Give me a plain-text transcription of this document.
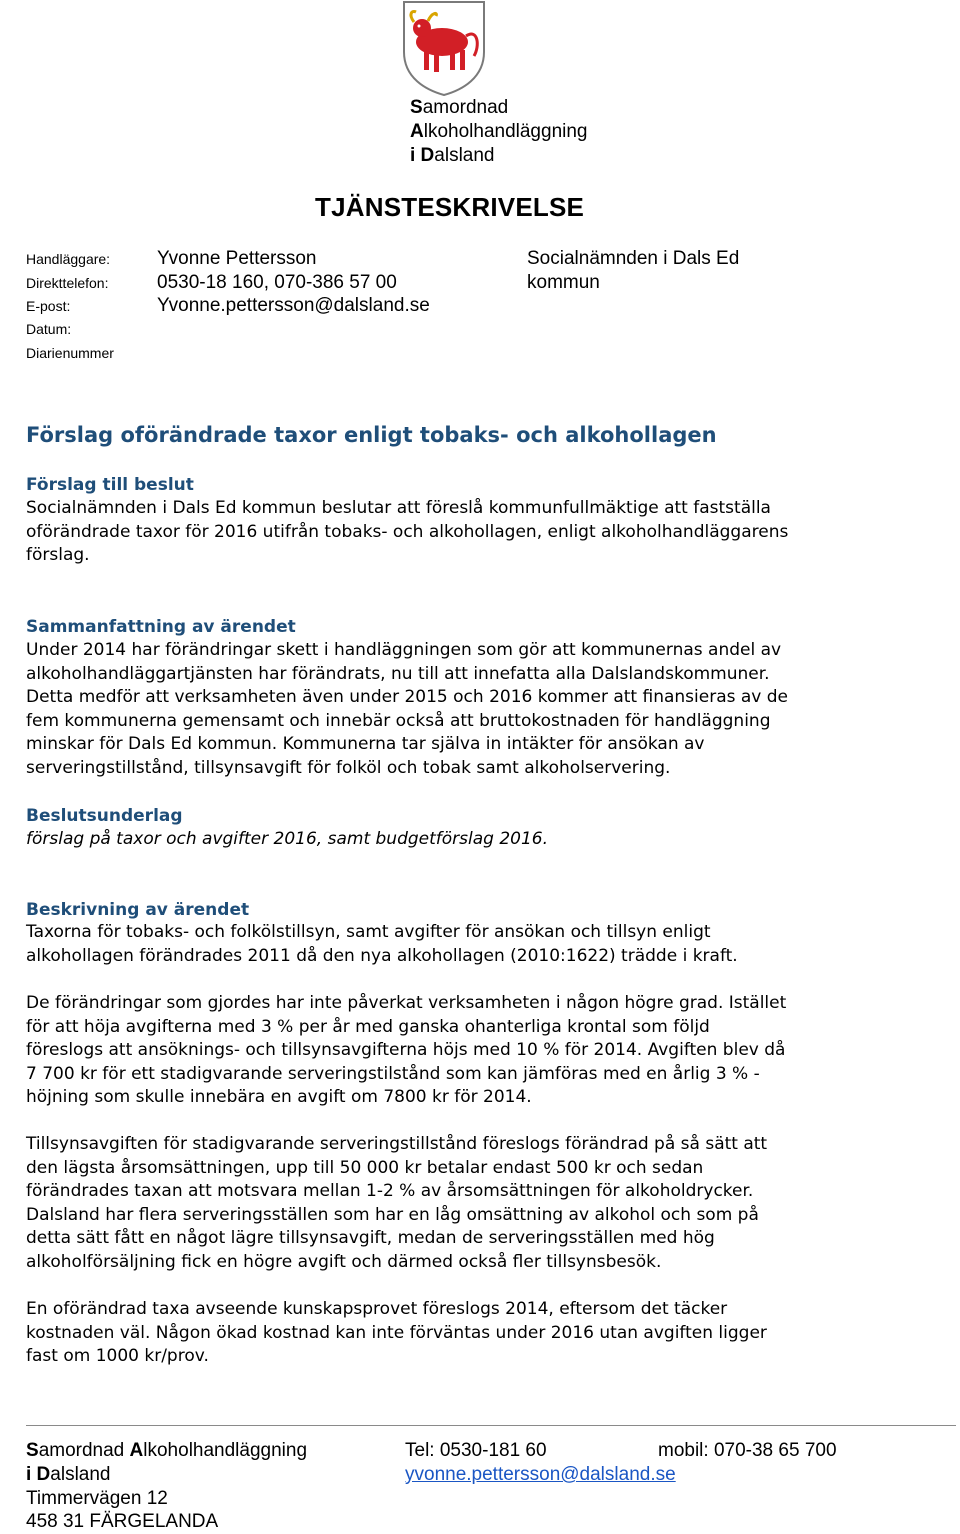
Samordnad
Alkoholhandläggning
i Dalsland
TJÄNSTESKRIVELSE
Handläggare: Yvonne Pettersson
Direkttelefon:	0530-18 160, 070-386 57 00
E-post:	Yvonne.pettersson@dalsland.se
Datum:
Diarienummer
Socialnämnden i Dals Ed
kommun
Förslag oförändrade taxor enligt tobaks- och alkohollagen
Förslag till beslut
Socialnämnden i Dals Ed kommun beslutar att föreslå kommunfullmäktige att fastställa
oförändrade taxor för 2016 utifrån tobaks- och alkohollagen, enligt alkoholhandläggarens
förslag.
Sammanfattning av ärendet
Under 2014 har förändringar skett i handläggningen som gör att kommunernas andel av
alkoholhandläggartjänsten har förändrats, nu till att innefatta alla Dalslandskommuner.
Detta medför att verksamheten även under 2015 och 2016 kommer att finansieras av de
fem kommunerna gemensamt och innebär också att bruttokostnaden för handläggning
minskar för Dals Ed kommun. Kommunerna tar själva in intäkter för ansökan av
serveringstillstånd, tillsynsavgift för folköl och tobak samt alkoholservering.
Beslutsunderlag
förslag på taxor och avgifter 2016, samt budgetförslag 2016.
Beskrivning av ärendet
Taxorna för tobaks- och folkölstillsyn, samt avgifter för ansökan och tillsyn enligt
alkohollagen förändrades 2011 då den nya alkohollagen (2010:1622) trädde i kraft.
De förändringar som gjordes har inte påverkat verksamheten i någon högre grad. Istället
för att höja avgifterna med 3 % per år med ganska ohanterliga krontal som följd
föreslogs att ansöknings- och tillsynsavgifterna höjs med 10 % för 2014. Avgiften blev då
7 700 kr för ett stadigvarande serveringstilstånd som kan jämföras med en årlig 3 % -
höjning som skulle innebära en avgift om 7800 kr för 2014.
Tillsynsavgiften för stadigvarande serveringstillstånd föreslogs förändrad på så sätt att
den lägsta årsomsättningen, upp till 50 000 kr betalar endast 500 kr och sedan
förändrades taxan att motsvara mellan 1-2 % av årsomsättningen för alkoholdrycker.
Dalsland har flera serveringsställen som har en låg omsättning av alkohol och som på
detta sätt fått en något lägre tillsynsavgift, medan de serveringsställen med hög
alkoholförsäljning fick en högre avgift och därmed också fler tillsynsbesök.
En oförändrad taxa avseende kunskapsprovet föreslogs 2014, eftersom det täcker
kostnaden väl. Någon ökad kostnad kan inte förväntas under 2016 utan avgiften ligger
fast om 1000 kr/prov.
Samordnad Alkoholhandläggning
i Dalsland
Timmervägen 12
458 31 FÄRGELANDA
Tel: 0530-181 60
yvonne.pettersson@dalsland.se
mobil: 070-38 65 700
